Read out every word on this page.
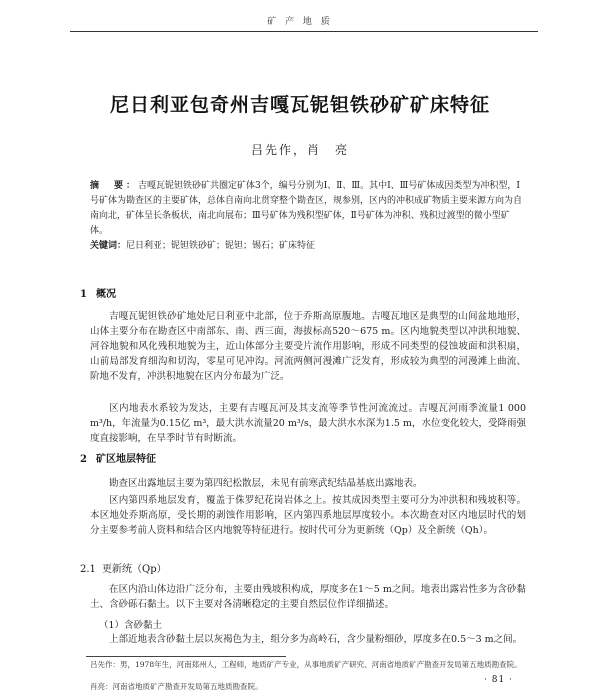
矿 产 地 质
尼日利亚包奇州吉嘎瓦铌钽铁砂矿矿床特征
吕先作，肖　亮
摘　要：吉嘎瓦铌钽铁砂矿共圈定矿体3个，编号分别为Ⅰ、Ⅱ、Ⅲ。其中Ⅰ、Ⅲ号矿体成因类型为冲积型，Ⅰ号矿体为勘查区的主要矿体，总体自南向北贯穿整个勘查区，规参别，区内的冲积成矿物质主要来源方向为自南向北，矿体呈长条板状，南北向展布；Ⅲ号矿体为残积型矿体，Ⅱ号矿体为冲积、残积过渡型的微小型矿体。
关键词：尼日利亚；铌钽铁砂矿；铌钽；锡石；矿床特征
1 概况
吉嘎瓦铌钽铁砂矿地处尼日利亚中北部，位于乔斯高原腹地。吉嘎瓦地区是典型的山间盆地地形，山体主要分布在勘查区中南部东、南、西三面，海拔标高520～675 m。区内地貌类型以冲洪积地貌、河谷地貌和风化残积地貌为主，近山体部分主要受片流作用影响，形成不同类型的侵蚀坡面和洪积扇，山前局部发育细沟和切沟，零星可见冲沟。河流两侧河漫滩广泛发育，形成较为典型的河漫滩上曲流、阶地不发育，冲洪积地貌在区内分布最为广泛。
区内地表水系较为发达，主要有吉嘎瓦河及其支流等季节性河流流过。吉嘎瓦河雨季流量1 000 m³/h，年流量为0.15亿 m³，最大洪水流量20 m³/s，最大洪水水深为1.5 m，水位变化较大，受降雨强度直接影响，在旱季时节有时断流。
2 矿区地层特征
勘查区出露地层主要为第四纪松散层，未见有前寒武纪结晶基底出露地表。
区内第四系地层发育，覆盖于侏罗纪花岗岩体之上。按其成因类型主要可分为冲洪积和残坡积等。本区地处乔斯高原，受长期的剥蚀作用影响，区内第四系地层厚度较小。本次勘查对区内地层时代的划分主要参考前人资料和结合区内地貌等特征进行。按时代可分为更新统（Qp）及全新统（Qh）。
2.1 更新统（Qp）
在区内沿山体边沿广泛分布，主要由残坡积构成，厚度多在1～5 m之间。地表出露岩性多为含砂黏土、含砂砾石黏土。以下主要对各清晰稳定的主要自然层位作详细描述。
（1）含砂黏土
上部近地表含砂黏土层以灰褐色为主，组分多为高岭石，含少量粉细砂，厚度多在0.5～3 m之间。
吕先作：男，1978年生，河南郑州人，工程师，地质矿产专业，从事地质矿产研究、河南省地质矿产勘查开发局第五地质勘查院。
肖亮：河南省地质矿产勘查开发局第五地质勘查院。
· 81 ·
